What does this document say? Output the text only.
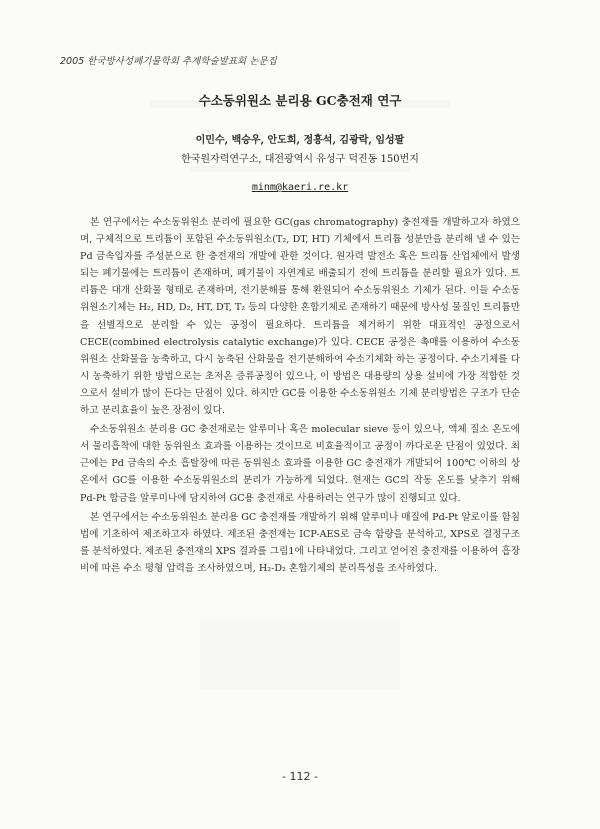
2005 한국방사성폐기물학회 추계학술발표회 논문집
수소동위원소 분리용 GC충전재 연구
이민수, 백승우, 안도희, 정흥석, 김광락, 임성팔
한국원자력연구소, 대전광역시 유성구 덕진동 150번지
minm@kaeri.re.kr

본 연구에서는 수소동위원소 분리에 필요한 GC(gas chromatography) 충전재를 개발하고자 하였으며, 구체적으로 트리튬이 포함된 수소동위원소(T₂, DT, HT) 기체에서 트리튬 성분만을 분리해 낼 수 있는 Pd 금속입자를 주성분으로 한 충전재의 개발에 관한 것이다. 원자력 발전소 혹은 트리튬 산업체에서 발생되는 폐기물에는 트리튬이 존재하며, 폐기물이 자연계로 배출되기 전에 트리튬을 분리할 필요가 있다. 트리튬은 대개 산화물 형태로 존재하며, 전기분해를 통해 환원되어 수소동위원소 기체가 된다. 이들 수소동위원소기체는 H₂, HD, D₂, HT, DT, T₂ 등의 다양한 혼합기체로 존재하기 때문에 방사성 물질인 트리튬만을 선별적으로 분리할 수 있는 공정이 필요하다. 트리튬을 제거하기 위한 대표적인 공정으로서 CECE(combined electrolysis catalytic exchange)가 있다. CECE 공정은 촉매를 이용하여 수소동위원소 산화물을 농축하고, 다시 농축된 산화물을 전기분해하여 수소기체화 하는 공정이다. 수소기체를 다시 농축하기 위한 방법으로는 초저온 증류공정이 있으나, 이 방법은 대용량의 상용 설비에 가장 적합한 것으로서 설비가 많이 든다는 단점이 있다. 하지만 GC를 이용한 수소동위원소 기체 분리방법은 구조가 단순하고 분리효율이 높은 장점이 있다.

수소동위원소 분리용 GC 충전재로는 알루미나 혹은 molecular sieve 등이 있으나, 액체 질소 온도에서 물리흡착에 대한 동위원소 효과를 이용하는 것이므로 비효율적이고 공정이 까다로운 단점이 있었다. 최근에는 Pd 금속의 수소 흡탈장에 따른 동위원소 효과를 이용한 GC 충전재가 개발되어 100℃ 이하의 상온에서 GC를 이용한 수소동위원소의 분리가 가능하게 되었다. 현재는 GC의 작동 온도를 낮추기 위해 Pd-Pt 합금을 알루미나에 담지하여 GC용 충전재로 사용하려는 연구가 많이 진행되고 있다.

본 연구에서는 수소동위원소 분리용 GC 충전재를 개발하기 위해 알루미나 매질에 Pd-Pt 알로이를 함침법에 기초하여 제조하고자 하였다. 제조된 충전재는 ICP-AES로 금속 함량을 분석하고, XPS로 결정구조를 분석하였다. 제조된 충전재의 XPS 결과를 그림1에 나타내었다. 그리고 얻어진 충전재를 이용하여 흡장비에 따른 수소 평형 압력을 조사하였으며, H₂-D₂ 혼합기체의 분리특성을 조사하였다.

- 112 -
